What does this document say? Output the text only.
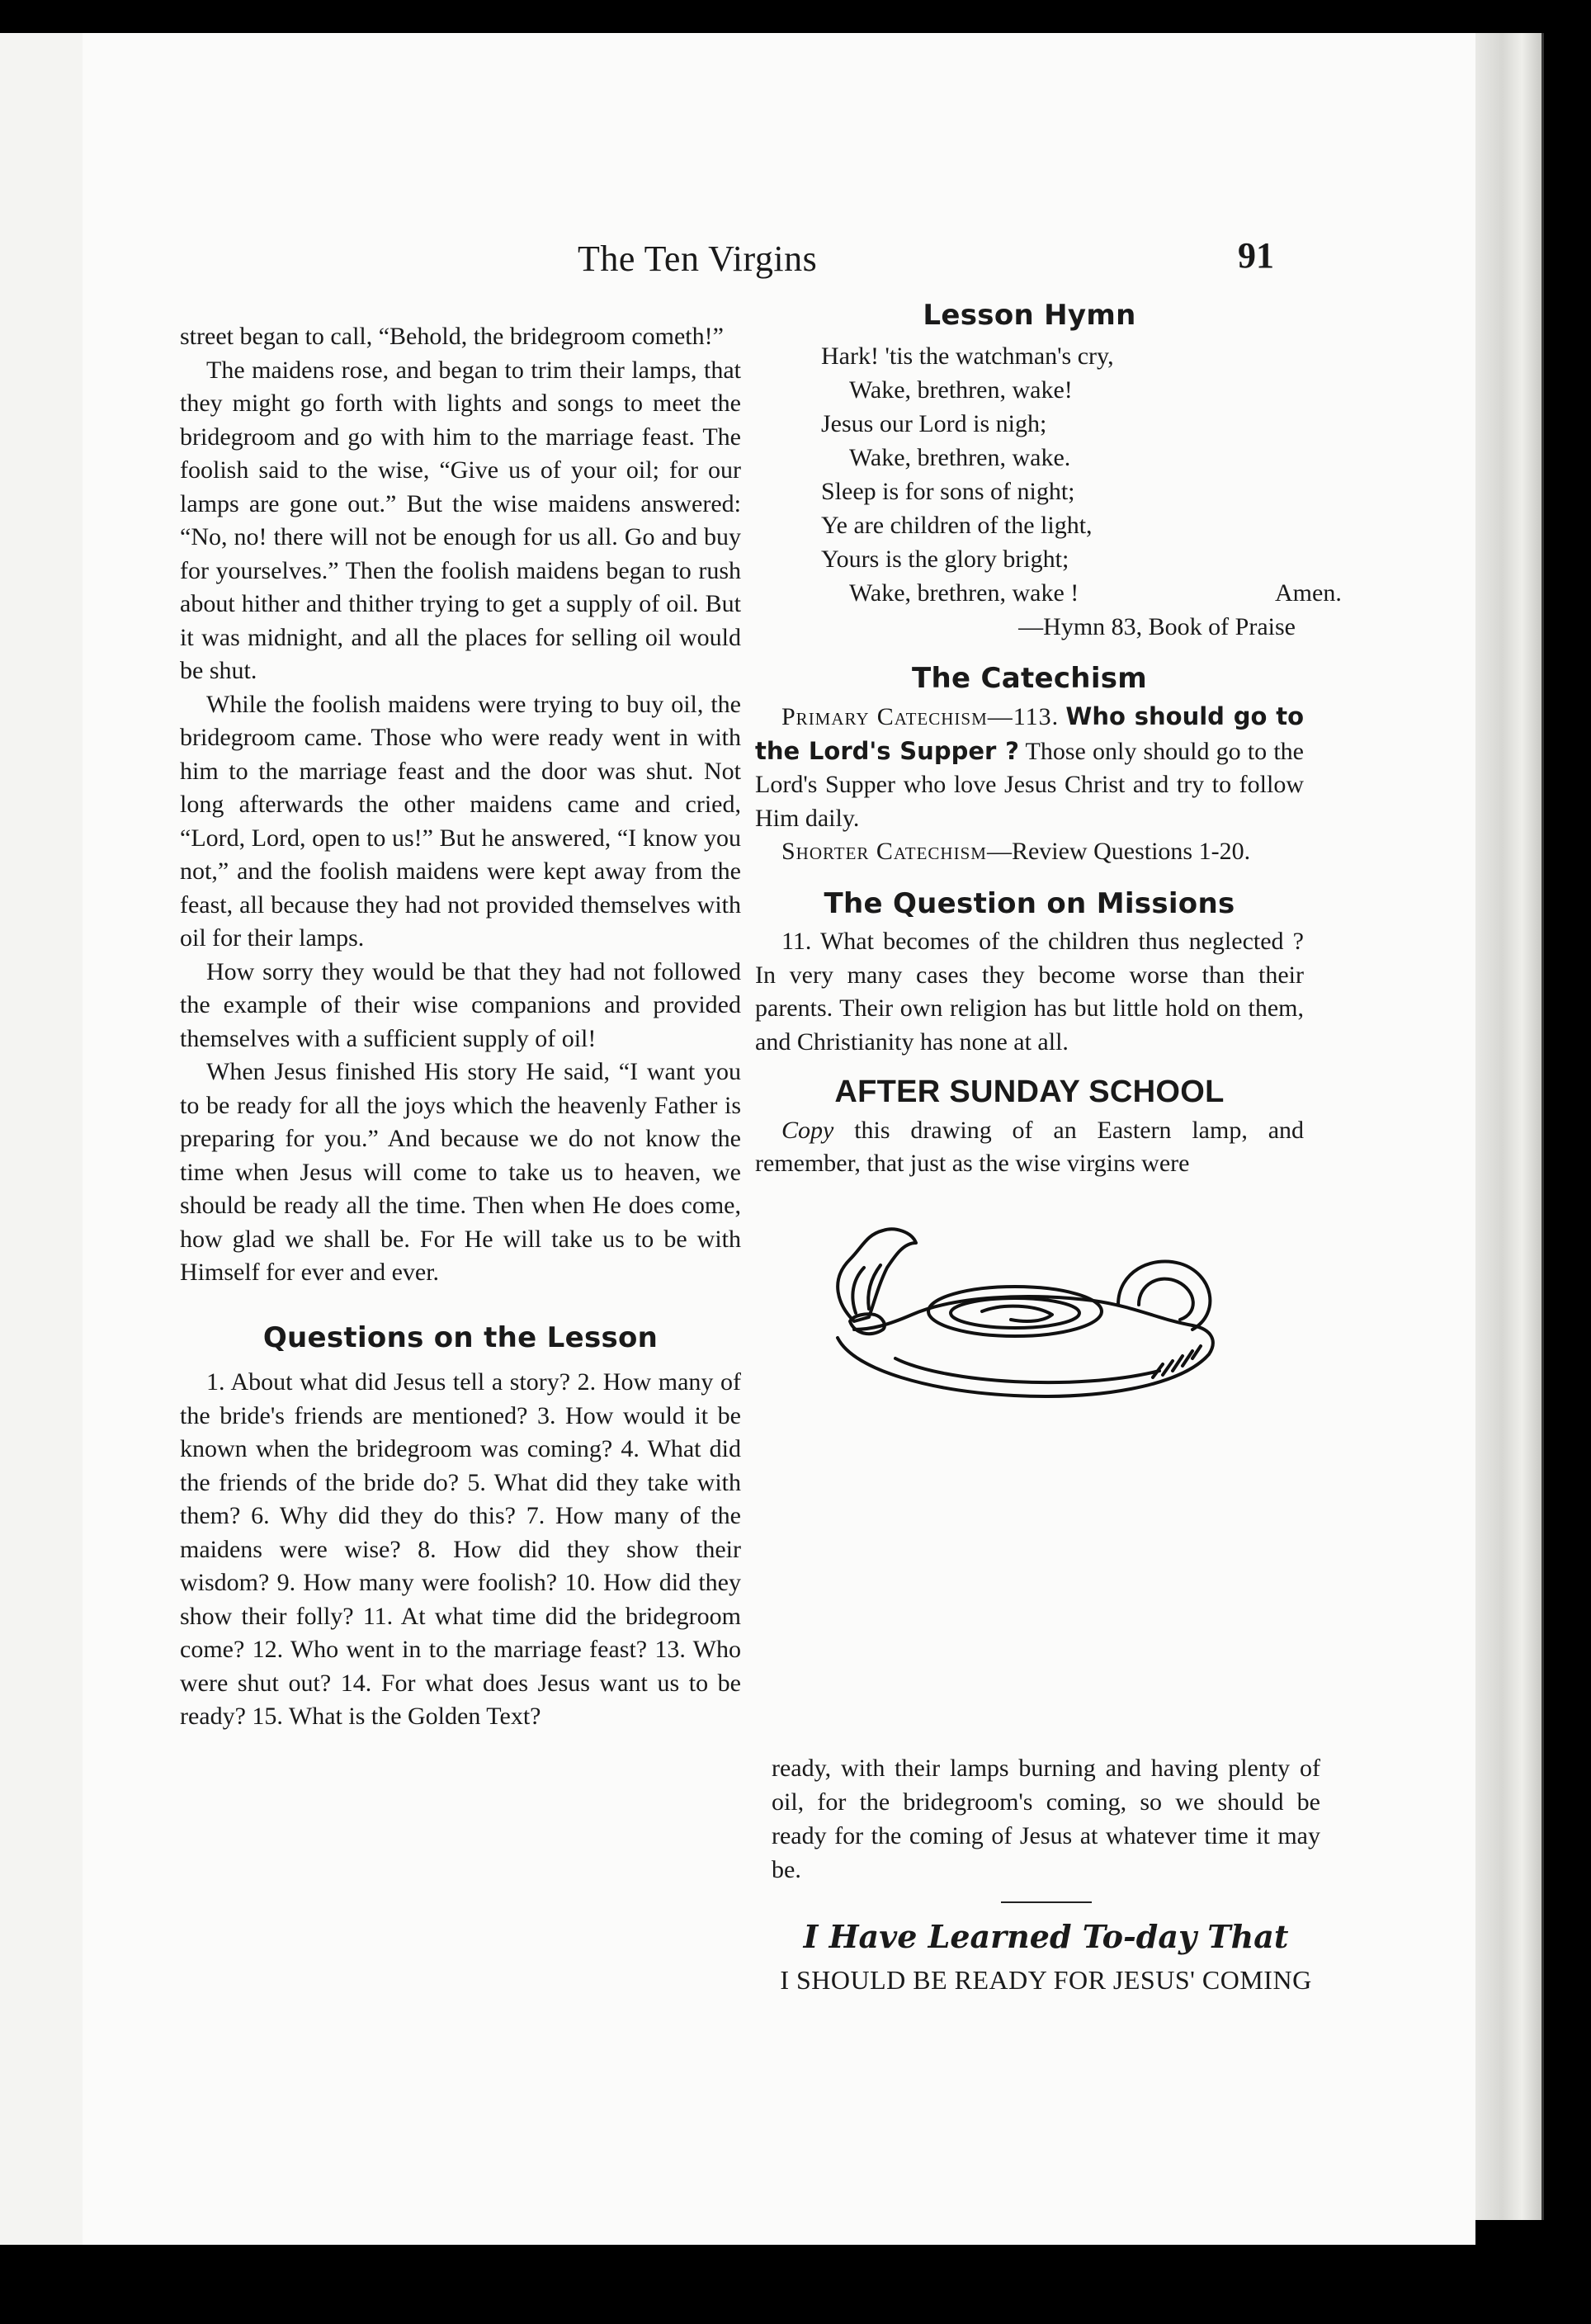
The Ten Virgins	91

street began to call, “Behold, the bridegroom cometh!”

The maidens rose, and began to trim their lamps, that they might go forth with lights and songs to meet the bridegroom and go with him to the marriage feast. The foolish said to the wise, “Give us of your oil; for our lamps are gone out.” But the wise maidens answered: “No, no! there will not be enough for us all. Go and buy for yourselves.” Then the foolish maidens began to rush about hither and thither trying to get a supply of oil. But it was midnight, and all the places for selling oil would be shut.

While the foolish maidens were trying to buy oil, the bridegroom came. Those who were ready went in with him to the marriage feast and the door was shut. Not long afterwards the other maidens came and cried, “Lord, Lord, open to us!” But he answered, “I know you not,” and the foolish maidens were kept away from the feast, all because they had not provided themselves with oil for their lamps.

How sorry they would be that they had not followed the example of their wise companions and provided themselves with a sufficient supply of oil!

When Jesus finished His story He said, “I want you to be ready for all the joys which the heavenly Father is preparing for you.” And because we do not know the time when Jesus will come to take us to heaven, we should be ready all the time. Then when He does come, how glad we shall be. For He will take us to be with Himself for ever and ever.

Questions on the Lesson

1. About what did Jesus tell a story? 2. How many of the bride's friends are mentioned? 3. How would it be known when the bridegroom was coming? 4. What did the friends of the bride do? 5. What did they take with them? 6. Why did they do this? 7. How many of the maidens were wise? 8. How did they show their wisdom? 9. How many were foolish? 10. How did they show their folly? 11. At what time did the bridegroom come? 12. Who went in to the marriage feast? 13. Who were shut out? 14. For what does Jesus want us to be ready? 15. What is the Golden Text?

Lesson Hymn
Hark! 'tis the watchman's cry,
Wake, brethren, wake!
Jesus our Lord is nigh;
Wake, brethren, wake.
Sleep is for sons of night;
Ye are children of the light,
Yours is the glory bright;
Wake, brethren, wake !	Amen.
—Hymn 83, Book of Praise
The Catechism

Primary Catechism—113. Who should go to the Lord's Supper ? Those only should go to the Lord's Supper who love Jesus Christ and try to follow Him daily.

Shorter Catechism—Review Questions 1-20.

The Question on Missions

11. What becomes of the children thus neglected ? In very many cases they become worse than their parents. Their own religion has but little hold on them, and Christianity has none at all.

AFTER SUNDAY SCHOOL

Copy this drawing of an Eastern lamp, and remember, that just as the wise virgins were

ready, with their lamps burning and having plenty of oil, for the bridegroom's coming, so we should be ready for the coming of Jesus at whatever time it may be.

I Have Learned To-day That
I SHOULD BE READY FOR JESUS' COMING
